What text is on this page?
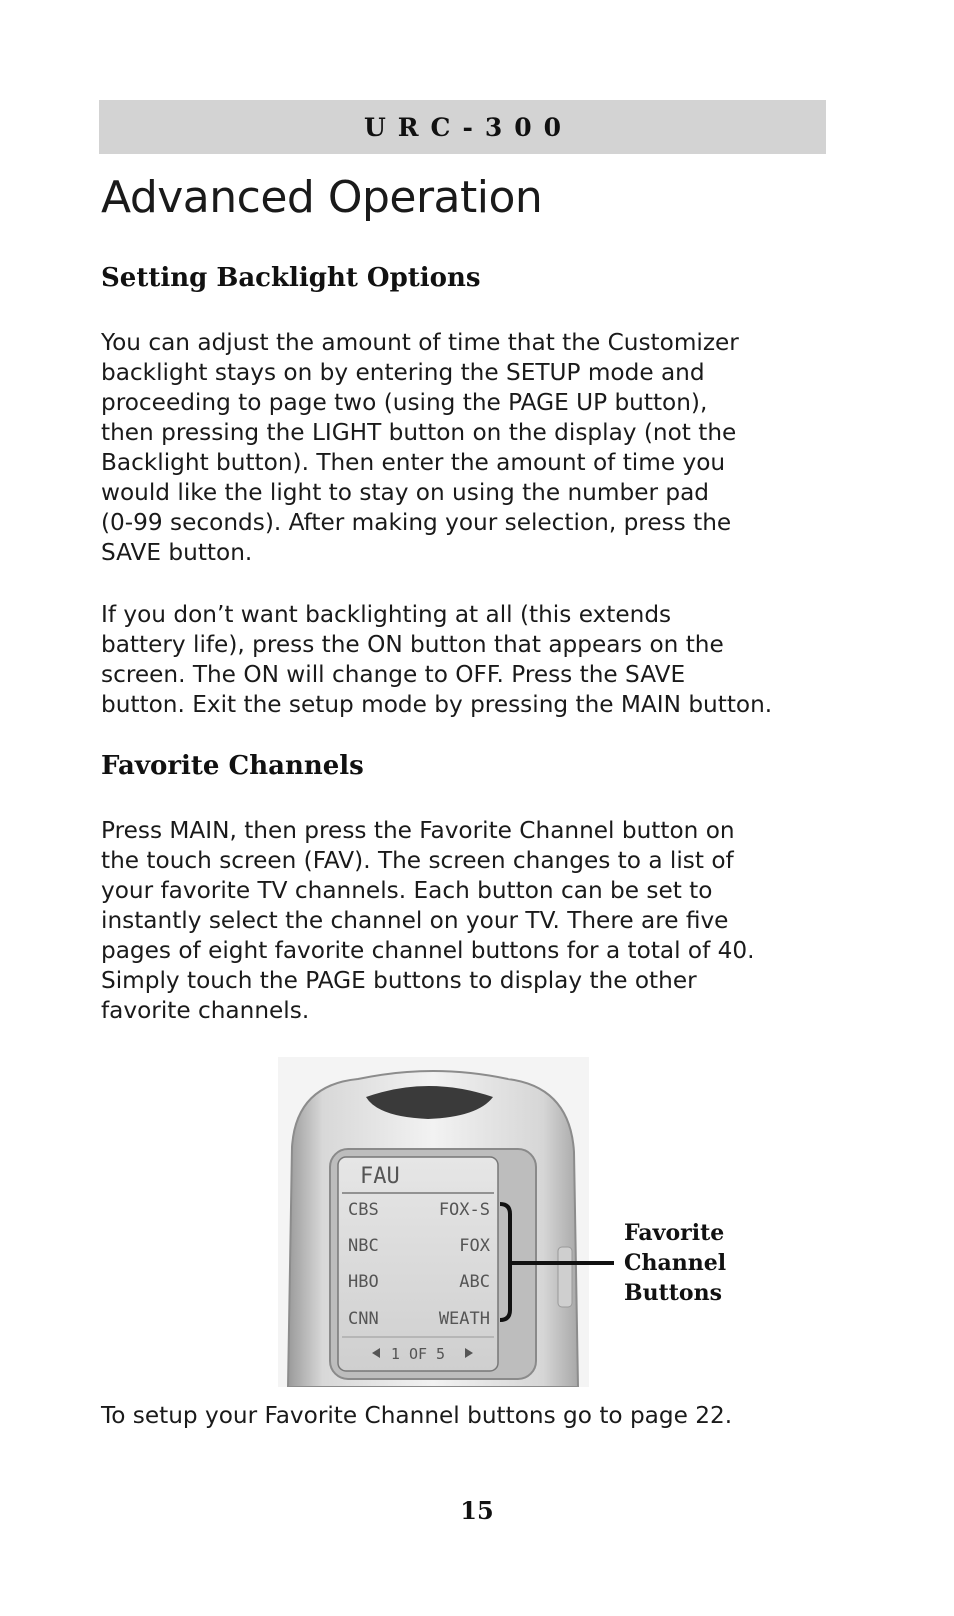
URC-300
Advanced Operation
Setting Backlight Options

You can adjust the amount of time that the Customizer
backlight stays on by entering the SETUP mode and
proceeding to page two (using the PAGE UP button),
then pressing the LIGHT button on the display (not the
Backlight button). Then enter the amount of time you
would like the light to stay on using the number pad
(0-99 seconds). After making your selection, press the
SAVE button.

If you don’t want backlighting at all (this extends
battery life), press the ON button that appears on the
screen. The ON will change to OFF. Press the SAVE
button. Exit the setup mode by pressing the MAIN button.

Favorite Channels

Press MAIN, then press the Favorite Channel button on
the touch screen (FAV). The screen changes to a list of
your favorite TV channels. Each button can be set to
instantly select the channel on your TV. There are five
pages of eight favorite channel buttons for a total of 40.
Simply touch the PAGE buttons to display the other
favorite channels.

FAU
CBS
NBC
HBO
CNN
FOX-S
FOX
ABC
WEATH
1 OF 5
Favorite
Channel
Buttons

To setup your Favorite Channel buttons go to page 22.

15
